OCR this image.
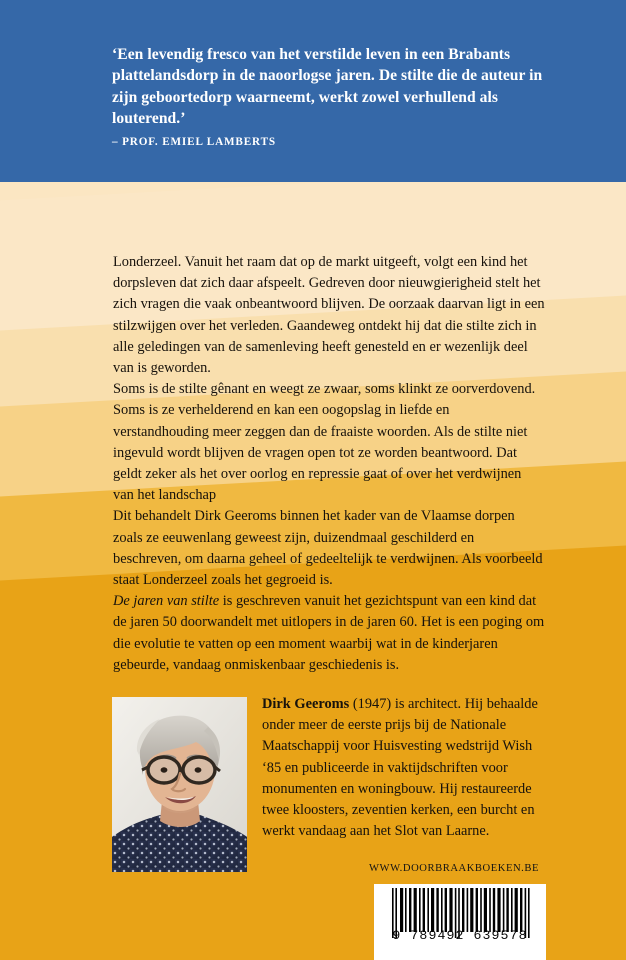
‘Een levendig fresco van het verstilde leven in een Brabants plattelandsdorp in de naoorlogse jaren. De stilte die de auteur in zijn geboortedorp waarneemt, werkt zowel verhullend als louterend.’
– PROF. EMIEL LAMBERTS

Londerzeel. Vanuit het raam dat op de markt uitgeeft, volgt een kind het dorpsleven dat zich daar afspeelt. Gedreven door nieuwgierigheid stelt het zich vragen die vaak onbeantwoord blijven. De oorzaak daarvan ligt in een stilzwijgen over het verleden. Gaandeweg ontdekt hij dat die stilte zich in alle geledingen van de samenleving heeft genesteld en er wezenlijk deel van is geworden.

Soms is de stilte gênant en weegt ze zwaar, soms klinkt ze oorverdovend. Soms is ze verhelderend en kan een oogopslag in liefde en verstandhouding meer zeggen dan de fraaiste woorden. Als de stilte niet ingevuld wordt blijven de vragen open tot ze worden beantwoord. Dat geldt zeker als het over oorlog en repressie gaat of over het verdwijnen van het landschap

Dit behandelt Dirk Geeroms binnen het kader van de Vlaamse dorpen zoals ze eeuwenlang geweest zijn, duizendmaal geschilderd en beschreven, om daarna geheel of gedeeltelijk te verdwijnen. Als voorbeeld staat Londerzeel zoals het gegroeid is.

De jaren van stilte is geschreven vanuit het gezichtspunt van een kind dat de jaren 50 doorwandelt met uitlopers in de jaren 60. Het is een poging om die evolutie te vatten op een moment waarbij wat in de kinderjaren gebeurde, vandaag onmiskenbaar geschiedenis is.

Dirk Geeroms (1947) is architect. Hij behaalde onder meer de eerste prijs bij de Nationale Maatschappij voor Huisvesting wedstrijd Wish ‘85 en publiceerde in vaktijdschriften voor monumenten en woningbouw. Hij restaureerde twee kloosters, zeventien kerken, een burcht en werkt vandaag aan het Slot van Laarne.
WWW.DOORBRAAKBOEKEN.BE
9 789492 639578
